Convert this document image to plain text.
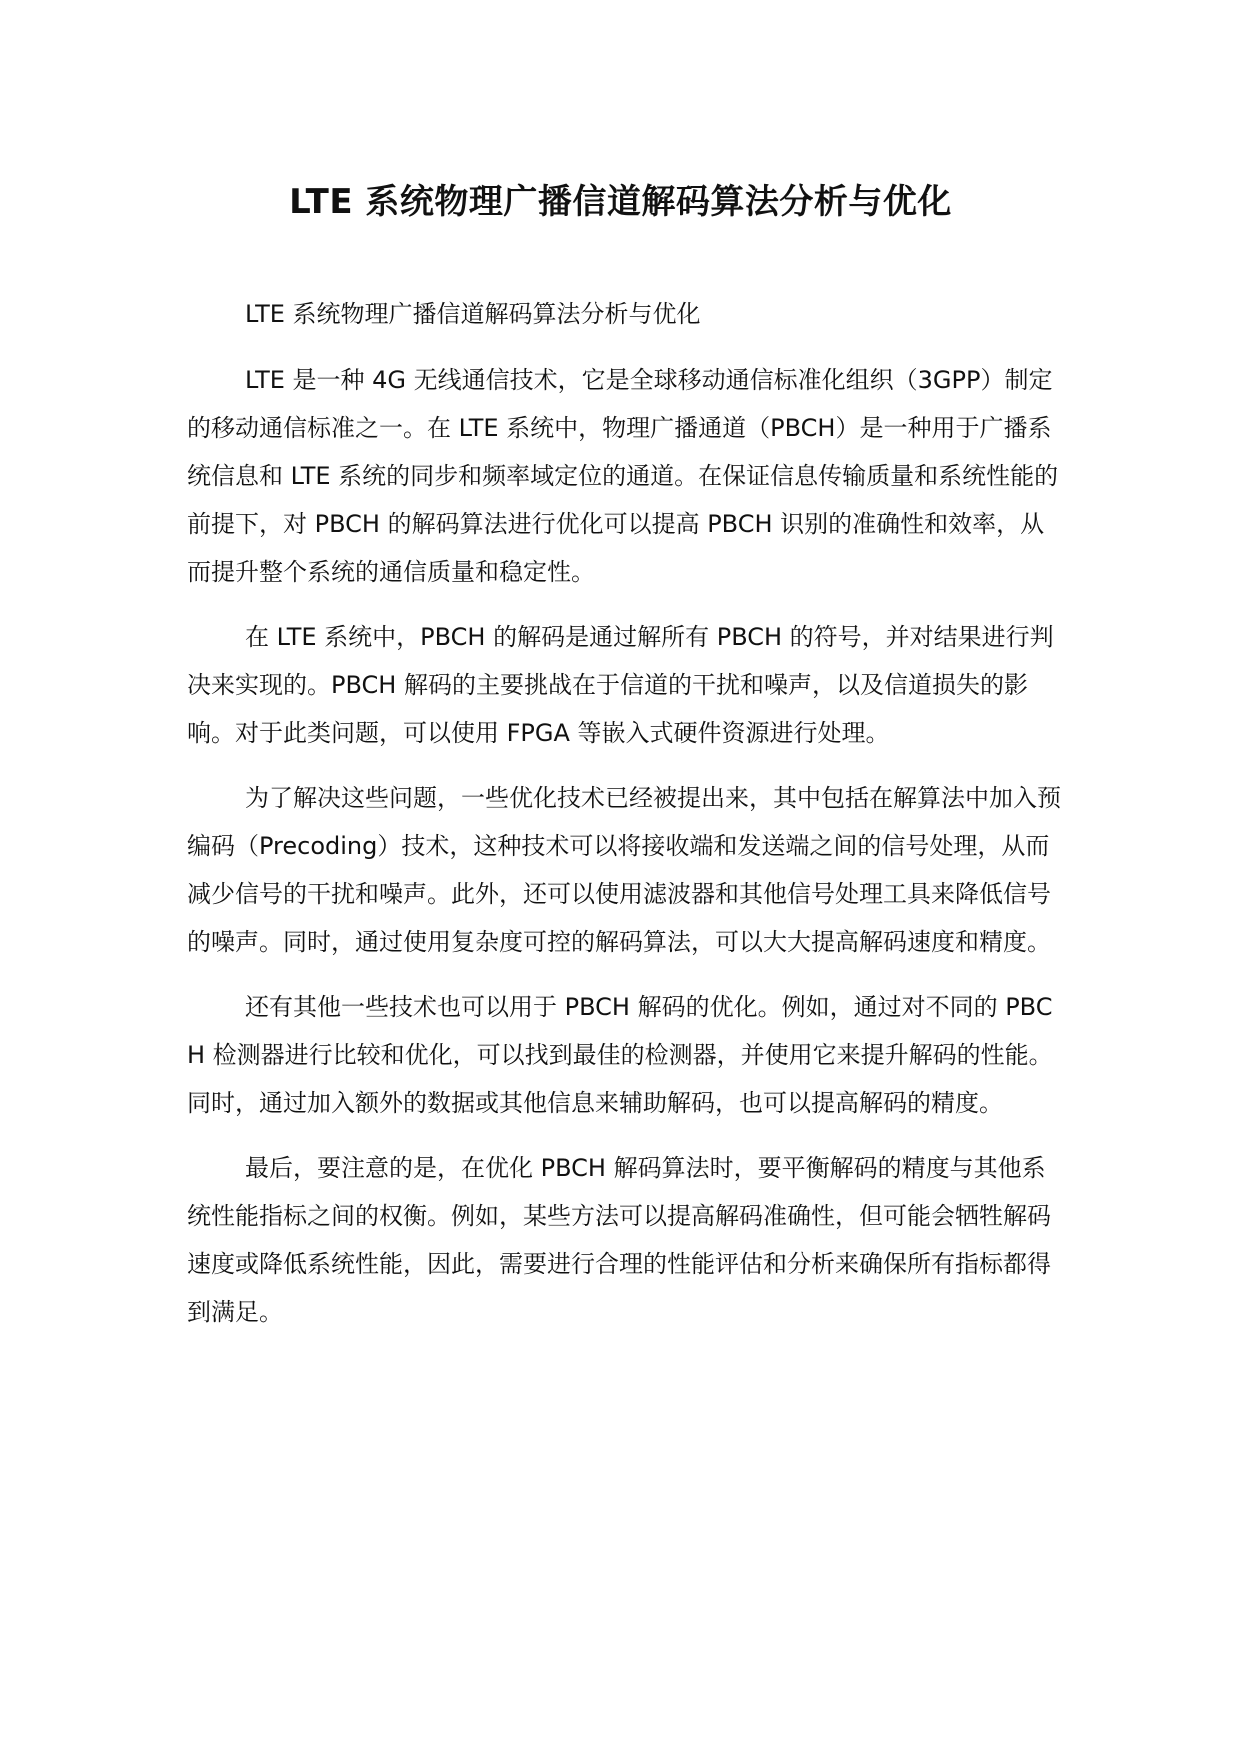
LTE 系统物理广播信道解码算法分析与优化

LTE 系统物理广播信道解码算法分析与优化

LTE 是一种 4G 无线通信技术，它是全球移动通信标准化组织（3GPP）制定的移动通信标准之一。在 LTE 系统中，物理广播通道（PBCH）是一种用于广播系统信息和 LTE 系统的同步和频率域定位的通道。在保证信息传输质量和系统性能的前提下，对 PBCH 的解码算法进行优化可以提高 PBCH 识别的准确性和效率，从而提升整个系统的通信质量和稳定性。

在 LTE 系统中，PBCH 的解码是通过解所有 PBCH 的符号，并对结果进行判决来实现的。PBCH 解码的主要挑战在于信道的干扰和噪声，以及信道损失的影响。对于此类问题，可以使用 FPGA 等嵌入式硬件资源进行处理。

为了解决这些问题，一些优化技术已经被提出来，其中包括在解算法中加入预编码（Precoding）技术，这种技术可以将接收端和发送端之间的信号处理，从而减少信号的干扰和噪声。此外，还可以使用滤波器和其他信号处理工具来降低信号的噪声。同时，通过使用复杂度可控的解码算法，可以大大提高解码速度和精度。

还有其他一些技术也可以用于 PBCH 解码的优化。例如，通过对不同的 PBCH 检测器进行比较和优化，可以找到最佳的检测器，并使用它来提升解码的性能。同时，通过加入额外的数据或其他信息来辅助解码，也可以提高解码的精度。

最后，要注意的是，在优化 PBCH 解码算法时，要平衡解码的精度与其他系统性能指标之间的权衡。例如，某些方法可以提高解码准确性，但可能会牺牲解码速度或降低系统性能，因此，需要进行合理的性能评估和分析来确保所有指标都得到满足。
